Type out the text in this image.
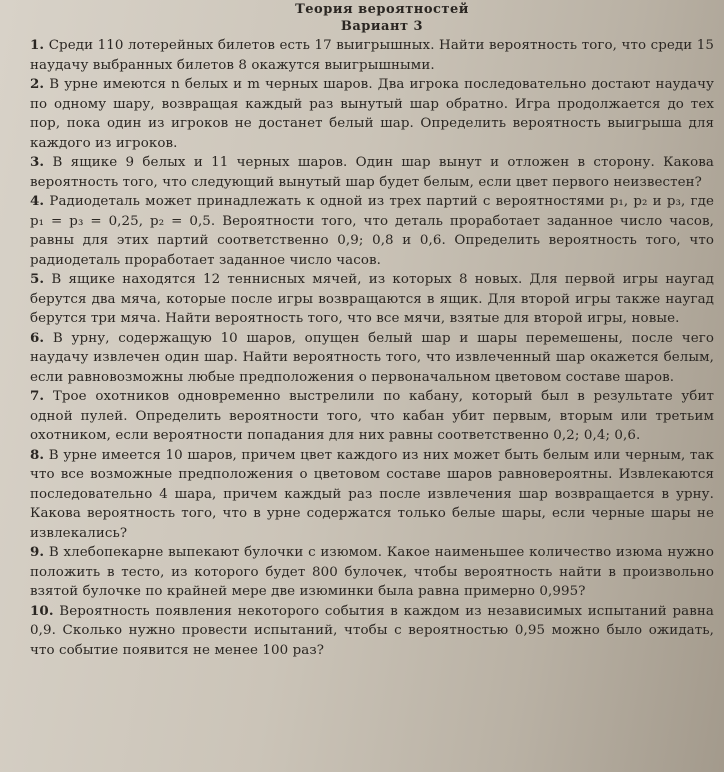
Теория вероятностей

Вариант 3

1. Среди 110 лотерейных билетов есть 17 выигрышных. Найти вероятность того, что среди 15 наудачу выбранных билетов 8 окажутся выигрышными.

2. В урне имеются n белых и m черных шаров. Два игрока последовательно достают наудачу по одному шару, возвращая каждый раз вынутый шар обратно. Игра продолжается до тех пор, пока один из игроков не достанет белый шар. Определить вероятность выигрыша для каждого из игроков.

3. В ящике 9 белых и 11 черных шаров. Один шар вынут и отложен в сторону. Какова вероятность того, что следующий вынутый шар будет белым, если цвет первого неизвестен?

4. Радиодеталь может принадлежать к одной из трех партий с вероятностями p₁, p₂ и p₃, где p₁ = p₃ = 0,25, p₂ = 0,5. Вероятности того, что деталь проработает заданное число часов, равны для этих партий соответственно 0,9; 0,8 и 0,6. Определить вероятность того, что радиодеталь проработает заданное число часов.

5. В ящике находятся 12 теннисных мячей, из которых 8 новых. Для первой игры наугад берутся два мяча, которые после игры возвращаются в ящик. Для второй игры также наугад берутся три мяча. Найти вероятность того, что все мячи, взятые для второй игры, новые.

6. В урну, содержащую 10 шаров, опущен белый шар и шары перемешены, после чего наудачу извлечен один шар. Найти вероятность того, что извлеченный шар окажется белым, если равновозможны любые предположения о первоначальном цветовом составе шаров.

7. Трое охотников одновременно выстрелили по кабану, который был в результате убит одной пулей. Определить вероятности того, что кабан убит первым, вторым или третьим охотником, если вероятности попадания для них равны соответственно 0,2; 0,4; 0,6.

8. В урне имеется 10 шаров, причем цвет каждого из них может быть белым или черным, так что все возможные предположения о цветовом составе шаров равновероятны. Извлекаются последовательно 4 шара, причем каждый раз после извлечения шар возвращается в урну. Какова вероятность того, что в урне содержатся только белые шары, если черные шары не извлекались?

9. В хлебопекарне выпекают булочки с изюмом. Какое наименьшее количество изюма нужно положить в тесто, из которого будет 800 булочек, чтобы вероятность найти в произвольно взятой булочке по крайней мере две изюминки была равна примерно 0,995?

10. Вероятность появления некоторого события в каждом из независимых испытаний равна 0,9. Сколько нужно провести испытаний, чтобы с вероятностью 0,95 можно было ожидать, что событие появится не менее 100 раз?
